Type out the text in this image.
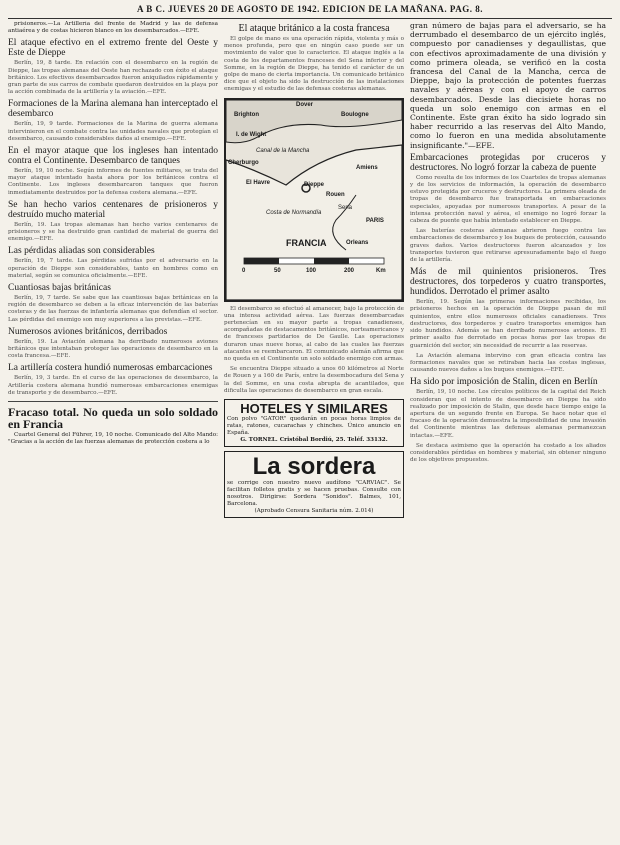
A B C. JUEVES 20 DE AGOSTO DE 1942. EDICION DE LA MAÑANA. PAG. 8.

prisioneros.—La Artillería del frente de Madrid y las de defensa antiaérea y de costas hicieron blanco en los desembarcados.—EFE.

El ataque efectivo en el extremo frente del Oeste y Este de Dieppe

Berlín, 19, 8 tarde. En relación con el desembarco en la región de Dieppe, las tropas alemanas del Oeste han rechazado con éxito el ataque británico. Los efectivos desembarcados fueron aniquilados rápidamente y gran parte de sus carros de combate quedaron destruidos en la playa por la acción combinada de la artillería y la aviación.—EFE.

Formaciones de la Marina alemana han interceptado el desembarco

Berlín, 19, 9 tarde. Formaciones de la Marina de guerra alemana intervinieron en el combate contra las unidades navales que protegían el desembarco, causando considerables daños al enemigo.—EFE.

En el mayor ataque que los ingleses han intentado contra el Continente. Desembarco de tanques

Berlín, 19, 10 noche. Según informes de fuentes militares, se trata del mayor ataque intentado hasta ahora por los británicos contra el Continente. Los ingleses desembarcaron tanques que fueron inmediatamente destruidos por la defensa costera alemana.—EFE.

Se han hecho varios centenares de prisioneros y destruído mucho material

Berlín, 19. Las tropas alemanas han hecho varios centenares de prisioneros y se ha destruido gran cantidad de material de guerra del enemigo.—EFE.

Las pérdidas aliadas son considerables

Berlín, 19, 7 tarde. Las pérdidas sufridas por el adversario en la operación de Dieppe son considerables, tanto en hombres como en material, según se comunica oficialmente.—EFE.

Cuantiosas bajas británicas

Berlín, 19, 7 tarde. Se sabe que las cuantiosas bajas británicas en la región de desembarco se deben a la eficaz intervención de las baterías costeras y de las fuerzas de infantería alemanas que defendían el sector. Las pérdidas del enemigo son muy superiores a las previstas.—EFE.

Numerosos aviones británicos, derribados

Berlín, 19. La Aviación alemana ha derribado numerosos aviones británicos que intentaban proteger las operaciones de desembarco en la costa francesa.—EFE.

La artillería costera hundió numerosas embarcaciones

Berlín, 19, 3 tarde. En el curso de las operaciones de desembarco, la Artillería costera alemana hundió numerosas embarcaciones enemigas de transporte y de desembarco.—EFE.

Fracaso total. No queda un solo soldado en Francia

Cuartel General del Führer, 19, 10 noche. Comunicado del Alto Mando: "Gracias a la acción de las fuerzas alemanas de protección costera a lo

El ataque británico a la costa francesa

El golpe de mano es una operación rápida, violenta y más o menos profunda, pero que en ningún caso puede ser un movimiento de valor que lo caracterice. El ataque inglés a la costa de los departamentos franceses del Sena inferior y del Somme, en la región de Dieppe, ha tenido el carácter de un golpe de mano de cierta importancia. Un comunicado británico dice que el objeto ha sido la destrucción de las instalaciones enemigas y el estudio de las defensas costeras alemanas.

Dover
Brighton	Boulogne
I. de Wight
Amiens
Dieppe
El Havre
Rouen
PARIS
Cherburgo
Orleans
FRANCIA
Canal de la Mancha
Costa de Normandía
Sena
0	50	100	200	Km

El desembarco se efectuó al amanecer, bajo la protección de una intensa actividad aérea. Las fuerzas desembarcadas pertenecían en su mayor parte a tropas canadienses, acompañadas de destacamentos británicos, norteamericanos y de franceses partidarios de De Gaulle. Las operaciones duraron unas nueve horas, al cabo de las cuales las fuerzas atacantes se reembarcaron. El comunicado alemán afirma que no queda en el Continente un solo soldado enemigo con armas.

Se encuentra Dieppe situado a unos 60 kilómetros al Norte de Rouen y a 160 de París, entre la desembocadura del Sena y la del Somme, en una costa abrupta de acantilados, que dificulta las operaciones de desembarco en gran escala.

HOTELES Y SIMILARES
Con polvo "GATOR" quedarán en pocas horas limpios de ratas, ratones, cucarachas y chinches. Único anuncio en España.
G. TORNEL. Cristóbal Bordiú, 25. Teléf. 33132.
La sordera
se corrige con nuestro nuevo audífono "CARVIAC". Se facilitan folletos gratis y se hacen pruebas. Consulte con nosotros. Dirigirse: Sordera "Sonidos". Balmes, 101, Barcelona.
(Aprobado Censura Sanitaria núm. 2.014)

gran número de bajas para el adversario, se ha derrumbado el desembarco de un ejército inglés, compuesto por canadienses y degaullistas, que con efectivos aproximadamente de una división y como primera oleada, se verificó en la costa francesa del Canal de la Mancha, cerca de Dieppe, bajo la protección de potentes fuerzas navales y aéreas y con el apoyo de carros desembarcados. Desde las diecisiete horas no queda un solo enemigo con armas en el Continente. Este gran éxito ha sido logrado sin haber recurrido a las reservas del Alto Mando, como lo fueron en una medida absolutamente insignificante."—EFE.

Embarcaciones protegidas por cruceros y destructores. No logró forzar la cabeza de puente

Como resulta de los informes de los Cuarteles de tropas alemanas y de los servicios de información, la operación de desembarco estuvo protegida por cruceros y destructores. La primera oleada de tropas de desembarco fue transportada en embarcaciones especiales, apoyadas por numerosos transportes. A pesar de la intensa protección naval y aérea, el enemigo no logró forzar la cabeza de puente que había intentado establecer en Dieppe.

Las baterías costeras alemanas abrieron fuego contra las embarcaciones de desembarco y los buques de protección, causando graves daños. Varios destructores fueron alcanzados y los transportes tuvieron que retirarse apresuradamente bajo el fuego de la artillería.

Más de mil quinientos prisioneros. Tres destructores, dos torpederos y cuatro transportes, hundidos. Derrotado el primer asalto

Berlín, 19. Según las primeras informaciones recibidas, los prisioneros hechos en la operación de Dieppe pasan de mil quinientos, entre ellos numerosos oficiales canadienses. Tres destructores, dos torpederos y cuatro transportes enemigos han sido hundidos. Además se han derribado numerosos aviones. El primer asalto fue derrotado en pocas horas por las tropas de guarnición del sector, sin necesidad de recurrir a las reservas.

La Aviación alemana intervino con gran eficacia contra las formaciones navales que se retiraban hacia las costas inglesas, causando nuevos daños a los buques enemigos.—EFE.

Ha sido por imposición de Stalin, dicen en Berlín

Berlín, 19, 10 noche. Los círculos políticos de la capital del Reich consideran que el intento de desembarco en Dieppe ha sido realizado por imposición de Stalin, que desde hace tiempo exige la apertura de un segundo frente en Europa. Se hace notar que el fracaso de la operación demuestra la imposibilidad de una invasión del Continente mientras las defensas alemanas permanezcan intactas.—EFE.

Se destaca asimismo que la operación ha costado a los aliados considerables pérdidas en hombres y material, sin obtener ninguno de los objetivos propuestos.
